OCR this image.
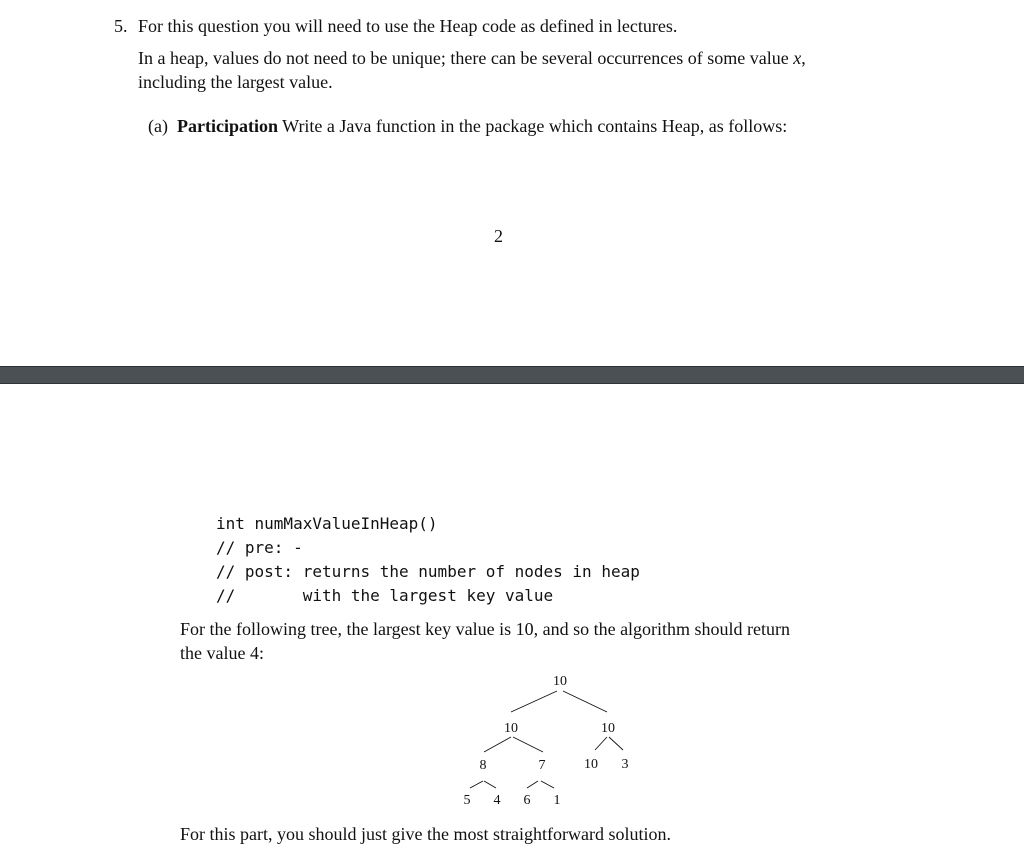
5. For this question you will need to use the Heap code as defined in lectures.
In a heap, values do not need to be unique; there can be several occurrences of some value x,
including the largest value.
(a) Participation Write a Java function in the package which contains Heap, as follows:
2
int numMaxValueInHeap()
// pre: -
// post: returns the number of nodes in heap
//       with the largest key value
For the following tree, the largest key value is 10, and so the algorithm should return
the value 4:
10
10	10
8	7	10 3
5 4 6 1
For this part, you should just give the most straightforward solution.
